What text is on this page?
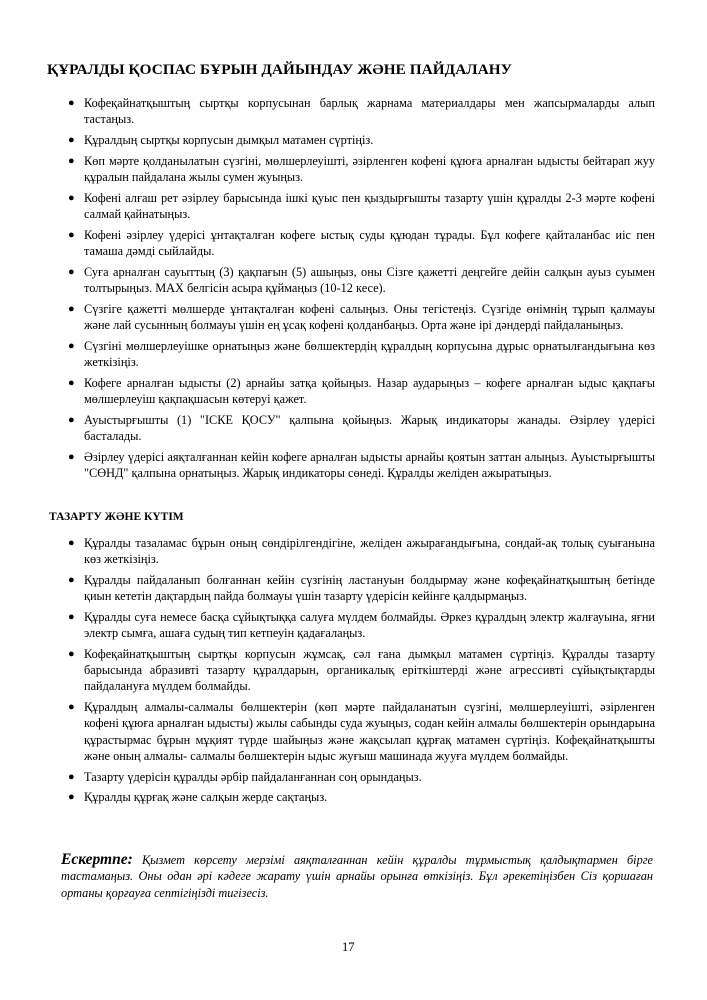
ҚҰРАЛДЫ ҚОСПАС БҰРЫН ДАЙЫНДАУ ЖӘНЕ ПАЙДАЛАНУ
● Кофеқайнатқыштың сыртқы корпусынан барлық жарнама материалдары мен жапсырмаларды алып тастаңыз.
● Құралдың сыртқы корпусын дымқыл матамен сүртіңіз.
● Көп мәрте қолданылатын сүзгіні, мөлшерлеуішті, әзірленген кофені құюға арналған ыдысты бейтарап жуу құралын пайдалана жылы сумен жуыңыз.
● Кофені алғаш рет әзірлеу барысында ішкі қуыс пен қыздырғышты тазарту үшін құралды 2-3 мәрте кофені салмай қайнатыңыз.
● Кофені әзірлеу үдерісі ұнтақталған кофеге ыстық суды құюдан тұрады. Бұл кофеге қайталанбас иіс пен тамаша дәмді сыйлайды.
● Суға арналған сауыттың (3) қақпағын (5) ашыңыз, оны Сізге қажетті деңгейге дейін салқын ауыз суымен толтырыңыз. MAX белгісін асыра құймаңыз (10-12 кесе).
● Сүзгіге қажетті мөлшерде ұнтақталған кофені салыңыз. Оны тегістеңіз. Сүзгіде өнімнің тұрып қалмауы және лай сусынның болмауы үшін ең ұсақ кофені қолданбаңыз. Орта және ірі дәндерді пайдаланыңыз.
● Сүзгіні мөлшерлеуішке орнатыңыз және бөлшектердің құралдың корпусына дұрыс орнатылғандығына көз жеткізіңіз.
● Кофеге арналған ыдысты (2) арнайы затқа қойыңыз. Назар аударыңыз – кофеге арналған ыдыс қақпағы мөлшерлеуіш қақпақшасын көтеруі қажет.
● Ауыстырғышты (1) "ІСКЕ ҚОСУ" қалпына қойыңыз. Жарық индикаторы жанады. Әзірлеу үдерісі басталады.
● Әзірлеу үдерісі аяқталғаннан кейін кофеге арналған ыдысты арнайы қоятын заттан алыңыз. Ауыстырғышты "СӨНД" қалпына орнатыңыз. Жарық индикаторы сөнеді. Құралды желіден ажыратыңыз.
ТАЗАРТУ ЖӘНЕ КҮТІМ
● Құралды тазаламас бұрын оның сөндірілгендігіне, желіден ажырағандығына, сондай-ақ толық суығанына көз жеткізіңіз.
● Құралды пайдаланып болғаннан кейін сүзгінің ластануын болдырмау және кофеқайнатқыштың бетінде қиын кететін дақтардың пайда болмауы үшін тазарту үдерісін кейінге қалдырмаңыз.
● Құралды суға немесе басқа сұйықтыққа салуға мүлдем болмайды. Әркез құралдың электр жалғауына, яғни электр сымға, ашаға судың тип кетпеуін қадағалаңыз.
● Кофеқайнатқыштың сыртқы корпусын жұмсақ, сәл ғана дымқыл матамен сүртіңіз. Құралды тазарту барысында абразивті тазарту құралдарын, органикалық еріткіштерді және агрессивті сұйықтықтарды пайдалануға мүлдем болмайды.
● Құралдың алмалы-салмалы бөлшектерін (көп мәрте пайдаланатын сүзгіні, мөлшерлеуішті, әзірленген кофені құюға арналған ыдысты) жылы сабынды суда жуыңыз, содан кейін алмалы бөлшектерін орындарына құрастырмас бұрын мұқият түрде шайыңыз және жақсылап құрғақ матамен сүртіңіз. Кофеқайнатқышты және оның алмалы- салмалы бөлшектерін ыдыс жуғыш машинада жууға мүлдем болмайды.
● Тазарту үдерісін құралды әрбір пайдаланғаннан соң орындаңыз.
● Құралды құрғақ және салқын жерде сақтаңыз.

Ескертпе: Қызмет көрсету мерзімі аяқталғаннан кейін құралды тұрмыстық қалдықтармен бірге тастамаңыз. Оны одан әрі кәдеге жарату үшін арнайы орынға өткізіңіз. Бұл әрекетіңізбен Сіз қоршаған ортаны қорғауға септігіңізді тигізесіз.

17
